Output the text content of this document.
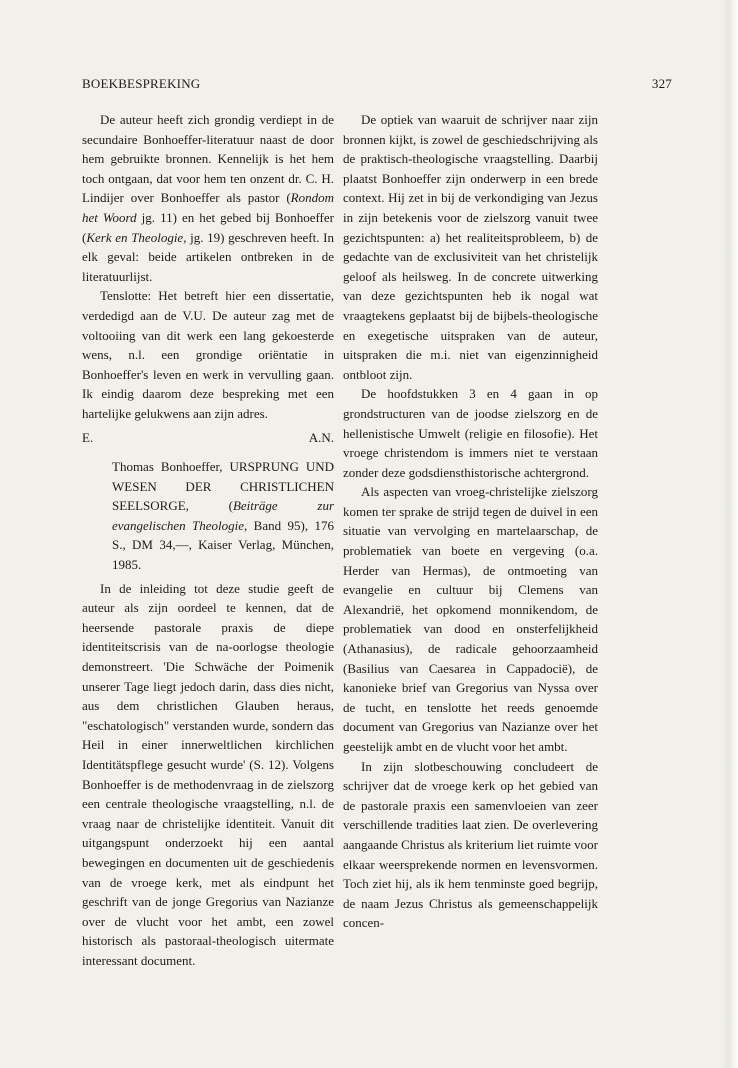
BOEKBESPREKING	327

De auteur heeft zich grondig verdiept in de secundaire Bonhoeffer-literatuur naast de door hem gebruikte bronnen. Kennelijk is het hem toch ontgaan, dat voor hem ten onzent dr. C. H. Lindijer over Bonhoeffer als pastor (Rondom het Woord jg. 11) en het gebed bij Bonhoeffer (Kerk en Theologie, jg. 19) geschreven heeft. In elk geval: beide artikelen ontbreken in de literatuurlijst.

Tenslotte: Het betreft hier een dissertatie, verdedigd aan de V.U. De auteur zag met de voltooiing van dit werk een lang gekoesterde wens, n.l. een grondige oriëntatie in Bonhoeffer's leven en werk in vervulling gaan. Ik eindig daarom deze bespreking met een hartelijke gelukwens aan zijn adres.

E.	A.N.
Thomas Bonhoeffer, URSPRUNG UND WESEN DER CHRISTLICHEN SEELSORGE, (Beiträge zur evangelischen Theologie, Band 95), 176 S., DM 34,—, Kaiser Verlag, München, 1985.

In de inleiding tot deze studie geeft de auteur als zijn oordeel te kennen, dat de heersende pastorale praxis de diepe identiteitscrisis van de na-oorlogse theologie demonstreert. 'Die Schwäche der Poimenik unserer Tage liegt jedoch darin, dass dies nicht, aus dem christlichen Glauben heraus, "eschatologisch" verstanden wurde, sondern das Heil in einer innerweltlichen kirchlichen Identitätspflege gesucht wurde' (S. 12). Volgens Bonhoeffer is de methodenvraag in de zielszorg een centrale theologische vraagstelling, n.l. de vraag naar de christelijke identiteit. Vanuit dit uitgangspunt onderzoekt hij een aantal bewegingen en documenten uit de geschiedenis van de vroege kerk, met als eindpunt het geschrift van de jonge Gregorius van Nazianze over de vlucht voor het ambt, een zowel historisch als pastoraal-theologisch uitermate interessant document.

De optiek van waaruit de schrijver naar zijn bronnen kijkt, is zowel de geschiedschrijving als de praktisch-theologische vraagstelling. Daarbij plaatst Bonhoeffer zijn onderwerp in een brede context. Hij zet in bij de verkondiging van Jezus in zijn betekenis voor de zielszorg vanuit twee gezichtspunten: a) het realiteitsprobleem, b) de gedachte van de exclusiviteit van het christelijk geloof als heilsweg. In de concrete uitwerking van deze gezichtspunten heb ik nogal wat vraagtekens geplaatst bij de bijbels-theologische en exegetische uitspraken van de auteur, uitspraken die m.i. niet van eigenzinnigheid ontbloot zijn.

De hoofdstukken 3 en 4 gaan in op grondstructuren van de joodse zielszorg en de hellenistische Umwelt (religie en filosofie). Het vroege christendom is immers niet te verstaan zonder deze godsdiensthistorische achtergrond.

Als aspecten van vroeg-christelijke zielszorg komen ter sprake de strijd tegen de duivel in een situatie van vervolging en martelaarschap, de problematiek van boete en vergeving (o.a. Herder van Hermas), de ontmoeting van evangelie en cultuur bij Clemens van Alexandrië, het opkomend monnikendom, de problematiek van dood en onsterfelijkheid (Athanasius), de radicale gehoorzaamheid (Basilius van Caesarea in Cappadocië), de kanonieke brief van Gregorius van Nyssa over de tucht, en tenslotte het reeds genoemde document van Gregorius van Nazianze over het geestelijk ambt en de vlucht voor het ambt.

In zijn slotbeschouwing concludeert de schrijver dat de vroege kerk op het gebied van de pastorale praxis een samenvloeien van zeer verschillende tradities laat zien. De overlevering aangaande Christus als kriterium liet ruimte voor elkaar weersprekende normen en levensvormen. Toch ziet hij, als ik hem tenminste goed begrijp, de naam Jezus Christus als gemeenschappelijk concen-
